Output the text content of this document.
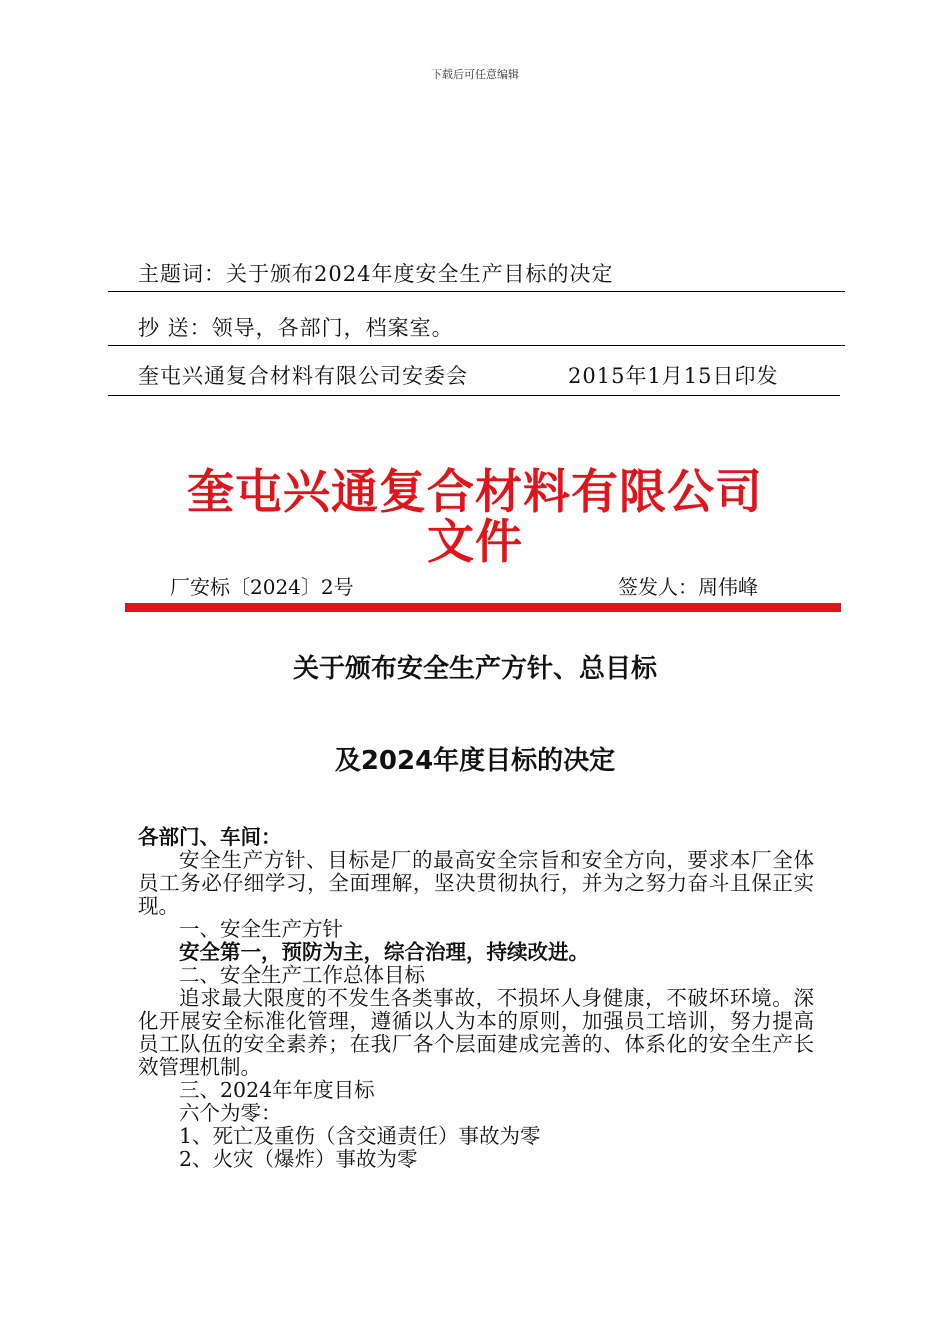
下载后可任意编辑
主题词：关于颁布2024年度安全生产目标的决定
抄 送：领导，各部门，档案室。
奎屯兴通复合材料有限公司安委会	2015年1月15日印发
奎屯兴通复合材料有限公司
文件
厂安标〔2024〕2号	签发人：周伟峰
关于颁布安全生产方针、总目标
及2024年度目标的决定

各部门、车间：

安全生产方针、目标是厂的最高安全宗旨和安全方向，要求本厂全体员工务必仔细学习，全面理解，坚决贯彻执行，并为之努力奋斗且保正实现。

一、安全生产方针

安全第一，预防为主，综合治理，持续改进。

二、安全生产工作总体目标

追求最大限度的不发生各类事故，不损坏人身健康，不破坏环境。深化开展安全标准化管理，遵循以人为本的原则，加强员工培训，努力提高员工队伍的安全素养；在我厂各个层面建成完善的、体系化的安全生产长效管理机制。

三、2024年年度目标

六个为零：

1、死亡及重伤（含交通责任）事故为零

2、火灾（爆炸）事故为零
